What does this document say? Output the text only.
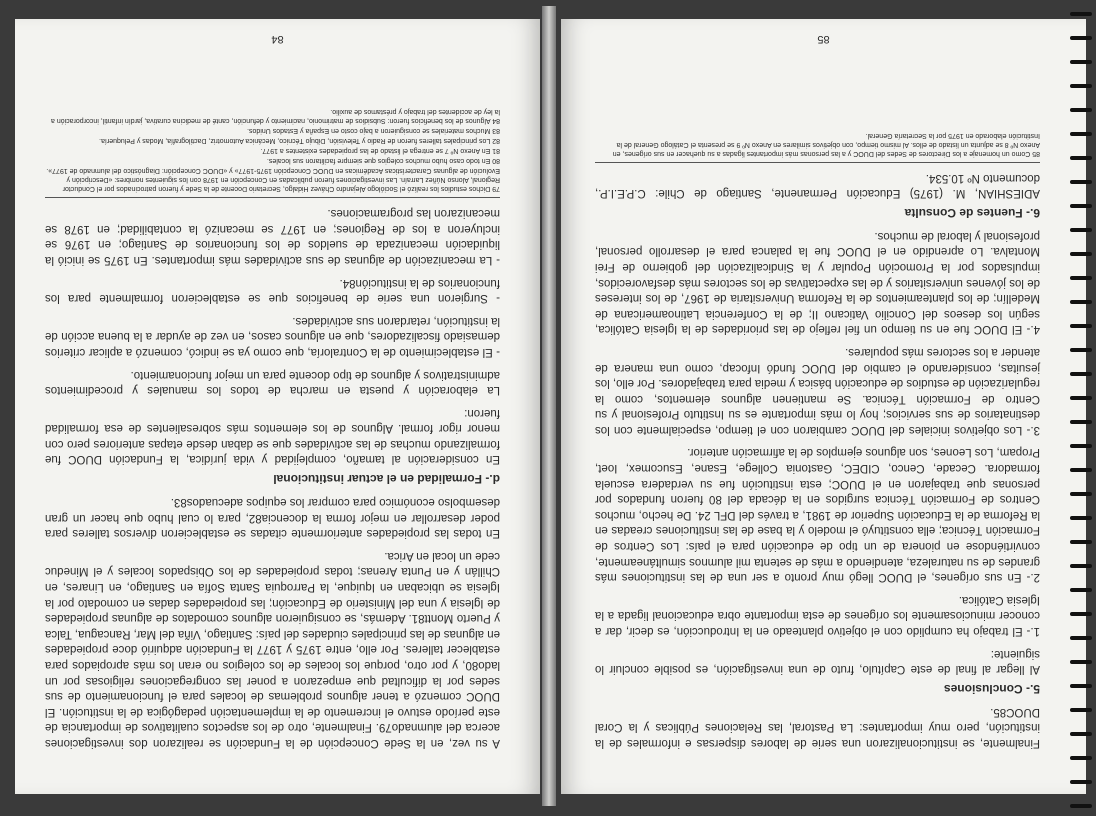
Finalmente, se institucionalizaron una serie de labores dispersas e informales de la institución, pero muy importantes: La Pastoral, las Relaciones Públicas y la Coral DUOC85.

5.- Conclusiones

Al llegar al final de este Capítulo, fruto de una investigación, es posible concluir lo siguiente:

1.- El trabajo ha cumplido con el objetivo planteado en la Introducción, es decir, dar a conocer minuciosamente los orígenes de esta importante obra educacional ligada a la Iglesia Católica.

2.- En sus orígenes, el DUOC llegó muy pronto a ser una de las instituciones más grandes de su naturaleza, atendiendo a más de setenta mil alumnos simultáneamente, convirtiéndose en pionera de un tipo de educación para el país: Los Centros de Formación Técnica; ella constituyó el modelo y la base de las instituciones creadas en la Reforma de la Educación Superior de 1981, a través del DFL 24. De hecho, muchos Centros de Formación Técnica surgidos en la década del 80 fueron fundados por personas que trabajaron en el DUOC; esta institución fue su verdadera escuela formadora. Cecade, Cenco, CIDEC, Gastonia College, Esane, Esucomex, Ioet, Propam, Los Leones, son algunos ejemplos de la afirmación anterior.

3.- Los objetivos iniciales del DUOC cambiaron con el tiempo, especialmente con los destinatarios de sus servicios; hoy lo más importante es su Instituto Profesional y su Centro de Formación Técnica. Se mantienen algunos elementos, como la regularización de estudios de educación básica y media para trabajadores. Por ello, los jesuitas, considerando el cambio del DUOC fundó Infocap, como una manera de atender a los sectores más populares.

4.- El DUOC fue en su tiempo un fiel reflejo de las prioridades de la Iglesia Católica, según los deseos del Concilio Vaticano II; de la Conferencia Latinoamericana de Medellín; de los planteamientos de la Reforma Universitaria de 1967, de los intereses de los jóvenes universitarios y de las expectativas de los sectores más desfavorecidos, impulsados por la Promoción Popular y la Sindicalización del gobierno de Frei Montalva. Lo aprendido en el DUOC fue la palanca para el desarrollo personal, profesional y laboral de muchos.

6.- Fuentes de Consulta

ADIESHIAN, M. (1975) Educación Permanente, Santiago de Chile: C.P.E.I.P., documento Nº 10.534.

85 Como un homenaje a los Directores de Sedes del DUOC y a las personas más importantes ligadas a su quehacer en sus orígenes, en Anexo Nº 8 se adjunta un listado de ellos. Al mismo tiempo, con objetivos similares en Anexo Nº 9 se presenta el Catálogo General de la Institución elaborado en 1975 por la Secretaría General.

85

A su vez, en la Sede Concepción de la Fundación se realizaron dos investigaciones acerca del alumnado79. Finalmente, otro de los aspectos cualitativos de importancia de este período estuvo el incremento de la implementación pedagógica de la institución. El DUOC comenzó a tener algunos problemas de locales para el funcionamiento de sus sedes por la dificultad que empezaron a poner las congregaciones religiosas por un lado80, y por otro, porque los locales de los colegios no eran los más apropiados para establecer talleres. Por ello, entre 1975 y 1977 la Fundación adquirió doce propiedades en algunas de las principales ciudades del país: Santiago, Viña del Mar, Rancagua, Talca y Puerto Montt81. Además, se consiguieron algunos comodatos de algunas propiedades de Iglesia y una del Ministerio de Educación; las propiedades dadas en comodato por la Iglesia se ubicaban en Iquique, la Parroquia Santa Sofía en Santiago, en Linares, en Chillán y en Punta Arenas; todas propiedades de los Obispados locales y el Mineduc cede un local en Arica.

En todas las propiedades anteriormente citadas se establecieron diversos talleres para poder desarrollar en mejor forma la docencia82, para lo cual hubo que hacer un gran desembolso económico para comprar los equipos adecuados83.

d.- Formalidad en el actuar institucional

En consideración al tamaño, complejidad y vida jurídica, la Fundación DUOC fue formalizando muchas de las actividades que se daban desde etapas anteriores pero con menor rigor formal. Algunos de los elementos más sobresalientes de esa formalidad fueron:

La elaboración y puesta en marcha de todos los manuales y procedimientos administrativos y algunos de tipo docente para un mejor funcionamiento.

- El establecimiento de la Contraloría, que como ya se indicó, comenzó a aplicar criterios demasiado fiscalizadores, que en algunos casos, en vez de ayudar a la buena acción de la institución, retardaron sus actividades.

- Surgieron una serie de beneficios que se establecieron formalmente para los funcionarios de la institución84.

- La mecanización de algunas de sus actividades más importantes. En 1975 se inició la liquidación mecanizada de sueldos de los funcionarios de Santiago; en 1976 se incluyeron a los de Regiones; en 1977 se mecanizó la contabilidad; en 1978 se mecanizaron las programaciones.

79 Dichos estudios los realizó el Sociólogo Alejandro Chávez Hidalgo, Secretario Docente de la Sede y fueron patrocinados por el Conductor Regional, Alonso Núñez Larraín. Las investigaciones fueron publicadas en Concepción en 1978 con los siguientes nombres: «Descripción y Evolución de algunas Características Académicas en DUOC Concepción 1975-1977» y «DUOC Concepción: Diagnóstico del alumnado de 1977».

80 En todo caso hubo muchos colegios que siempre facilitaron sus locales.

81 En Anexo Nº 7 se entrega el listado de las propiedades existentes a 1977.

82 Los principales talleres fueron de Radio y Televisión, Dibujo Técnico, Mecánica Automotriz, Dactilografía, Modas y Peluquería.

83 Muchos materiales se consiguieron a bajo costo en España y Estados Unidos.

84 Algunos de los beneficios fueron: Subsidios de matrimonio, nacimiento y defunción, canté de medicina curativa, jardín infantil, incorporación a la ley de accidentes del trabajo y préstamos de auxilio.

84
